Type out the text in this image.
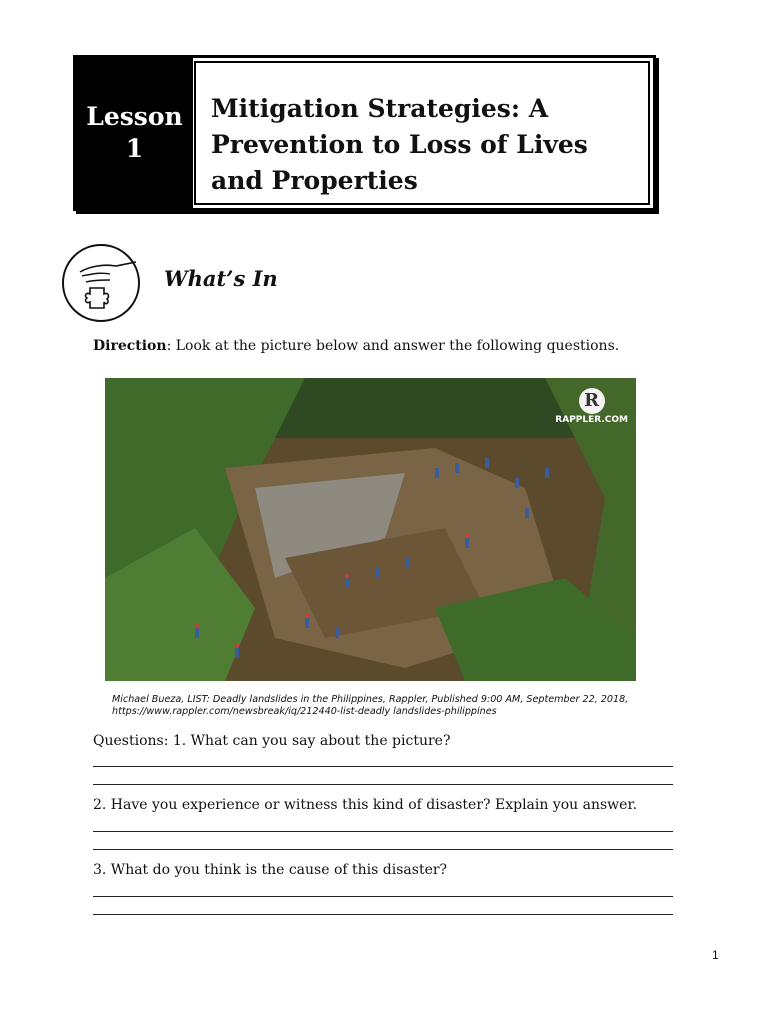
Lesson
1
Mitigation Strategies: A Prevention to Loss of Lives and Properties
What’s In
Direction: Look at the picture below and answer the following questions.
R
RAPPLER.COM
Michael Bueza, LIST: Deadly landslides in the Philippines, Rappler, Published 9:00 AM, September 22, 2018, https://www.rappler.com/newsbreak/iq/212440-list-deadly landslides-philippines
Questions: 1. What can you say about the picture?
2. Have you experience or witness this kind of disaster? Explain you answer.
3. What do you think is the cause of this disaster?
1
